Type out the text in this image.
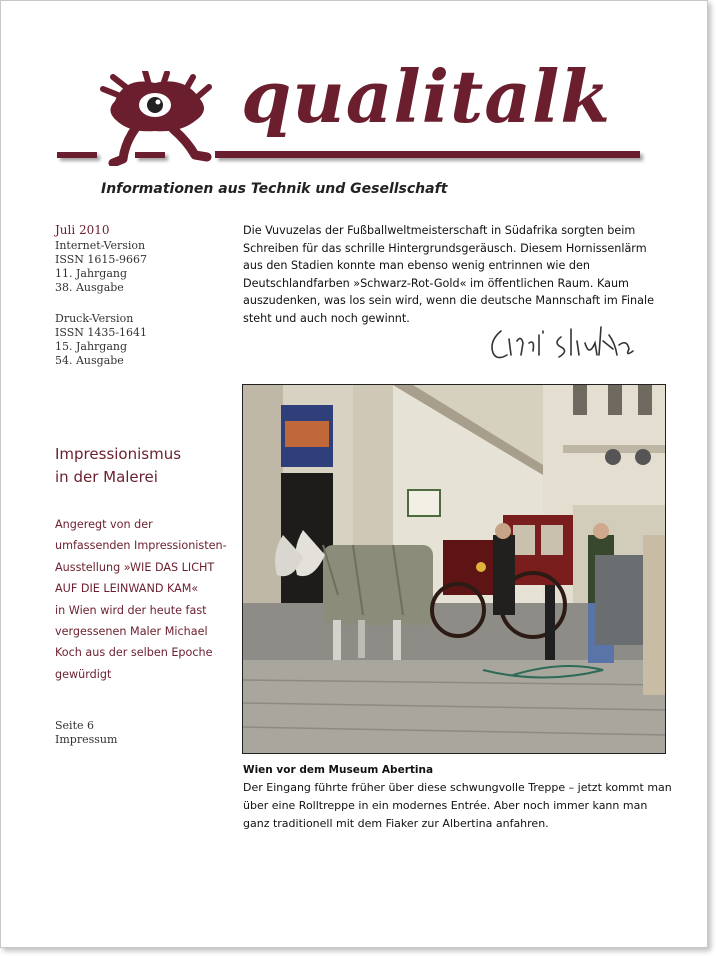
qualitalk
Informationen aus Technik und Gesellschaft
Juli 2010
Internet-Version
ISSN 1615-9667
11. Jahrgang
38. Ausgabe
Druck-Version
ISSN 1435-1641
15. Jahrgang
54. Ausgabe
Die Vuvuzelas der Fußballweltmeisterschaft in Südafrika sorgten beim Schreiben für das schrille Hintergrundsgeräusch. Diesem Hornissenlärm aus den Stadien konnte man ebenso wenig entrinnen wie den Deutschlandfarben »Schwarz-Rot-Gold« im öffentlichen Raum. Kaum auszudenken, was los sein wird, wenn die deutsche Mannschaft im Finale steht und auch noch gewinnt.
Impressionismus
in der Malerei
Angeregt von der
umfassenden Impressionisten-
Ausstellung »WIE DAS LICHT
AUF DIE LEINWAND KAM«
in Wien wird der heute fast
vergessenen Maler Michael
Koch aus der selben Epoche
gewürdigt
Seite 6
Impressum
Wien vor dem Museum Abertina
Der Eingang führte früher über diese schwungvolle Treppe – jetzt kommt man über eine Rolltreppe in ein modernes Entrée. Aber noch immer kann man ganz traditionell mit dem Fiaker zur Albertina anfahren.
